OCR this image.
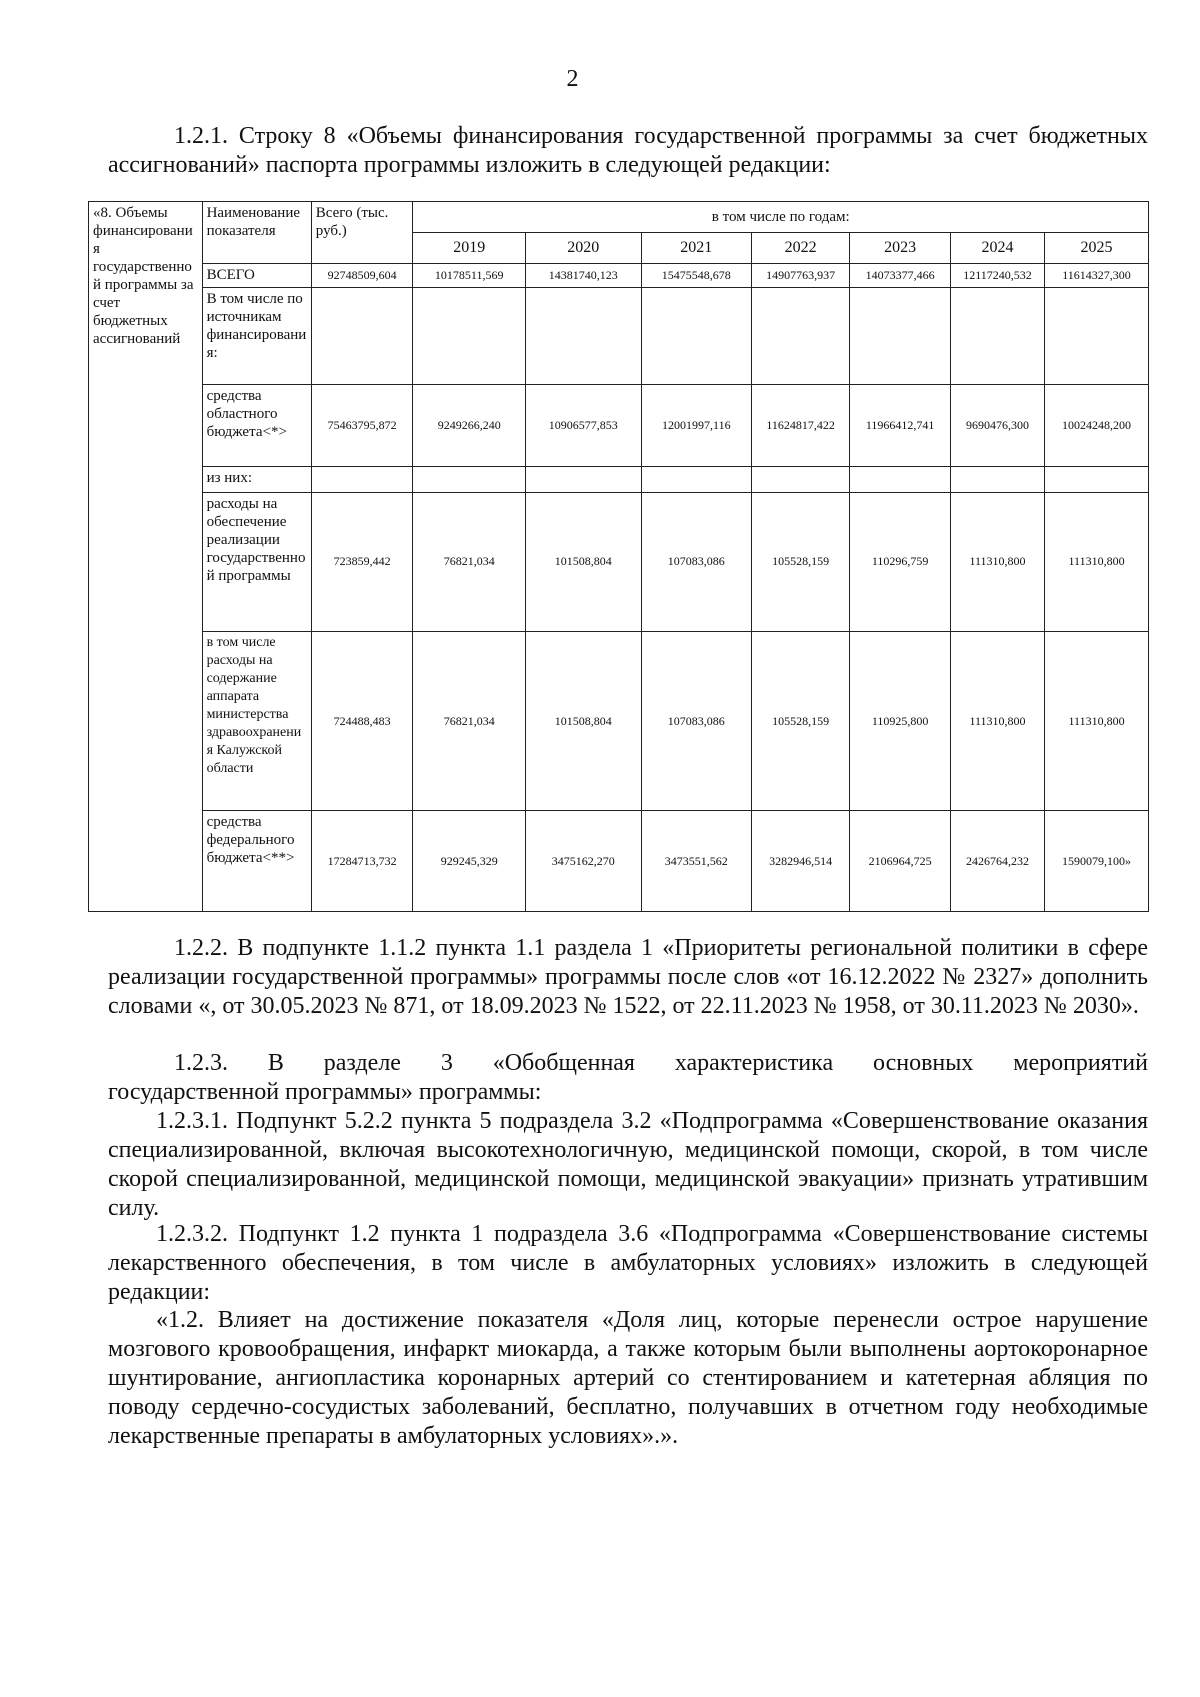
2

1.2.1. Строку 8 «Объемы финансирования государственной программы за счет бюджетных ассигнований» паспорта программы изложить в следующей редакции:

«8. Объемы финансирования государственной программы за счет бюджетных ассигнований	Наименование показателя	Всего (тыс. руб.)	в том числе по годам:						
			2019	2020	2021	2022	2023	2024	2025
	ВСЕГО	92748509,604	10178511,569	14381740,123	15475548,678	14907763,937	14073377,466	12117240,532	11614327,300
	В том числе по источникам финансирования:								
	средства областного бюджета<*>	75463795,872	9249266,240	10906577,853	12001997,116	11624817,422	11966412,741	9690476,300	10024248,200
	из них:								
	расходы на обеспечение реализации государственной программы	723859,442	76821,034	101508,804	107083,086	105528,159	110296,759	111310,800	111310,800
	в том числе расходы на содержание аппарата министерства здравоохранения Калужской области	724488,483	76821,034	101508,804	107083,086	105528,159	110925,800	111310,800	111310,800
	средства федерального бюджета<**>	17284713,732	929245,329	3475162,270	3473551,562	3282946,514	2106964,725	2426764,232	1590079,100»

1.2.2. В подпункте 1.1.2 пункта 1.1 раздела 1 «Приоритеты региональной политики в сфере реализации государственной программы» программы после слов «от 16.12.2022 № 2327» дополнить словами «, от 30.05.2023 № 871, от 18.09.2023 № 1522, от 22.11.2023 № 1958, от 30.11.2023 № 2030».

1.2.3. В разделе 3 «Обобщенная характеристика основных мероприятий

государственной программы» программы:

1.2.3.1. Подпункт 5.2.2 пункта 5 подраздела 3.2 «Подпрограмма «Совершенствование оказания специализированной, включая высокотехнологичную, медицинской помощи, скорой, в том числе скорой специализированной, медицинской помощи, медицинской эвакуации» признать утратившим силу.

1.2.3.2. Подпункт 1.2 пункта 1 подраздела 3.6 «Подпрограмма «Совершенствование системы лекарственного обеспечения, в том числе в амбулаторных условиях» изложить в следующей редакции:

«1.2. Влияет на достижение показателя «Доля лиц, которые перенесли острое нарушение мозгового кровообращения, инфаркт миокарда, а также которым были выполнены аортокоронарное шунтирование, ангиопластика коронарных артерий со стентированием и катетерная абляция по поводу сердечно-сосудистых заболеваний, бесплатно, получавших в отчетном году необходимые лекарственные препараты в амбулаторных условиях».».
